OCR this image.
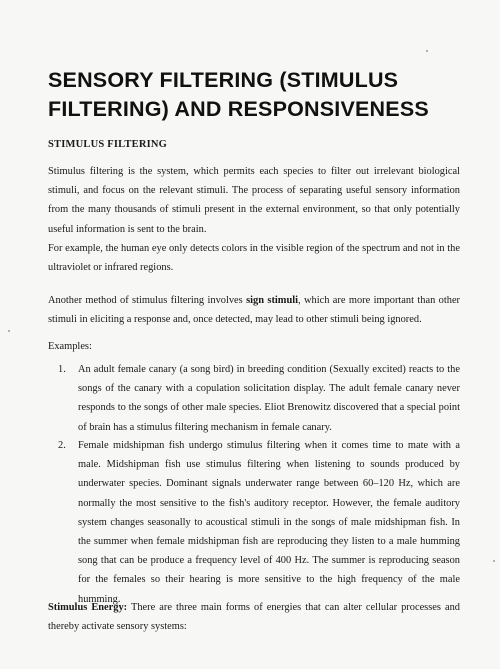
SENSORY FILTERING (STIMULUS FILTERING) AND RESPONSIVENESS
STIMULUS FILTERING
Stimulus filtering is the system, which permits each species to filter out irrelevant biological stimuli, and focus on the relevant stimuli. The process of separating useful sensory information from the many thousands of stimuli present in the external environment, so that only potentially useful information is sent to the brain.
For example, the human eye only detects colors in the visible region of the spectrum and not in the ultraviolet or infrared regions.
Another method of stimulus filtering involves sign stimuli, which are more important than other stimuli in eliciting a response and, once detected, may lead to other stimuli being ignored.
Examples:
1. An adult female canary (a song bird) in breeding condition (Sexually excited) reacts to the songs of the canary with a copulation solicitation display. The adult female canary never responds to the songs of other male species. Eliot Brenowitz discovered that a special point of brain has a stimulus filtering mechanism in female canary.
2. Female midshipman fish undergo stimulus filtering when it comes time to mate with a male. Midshipman fish use stimulus filtering when listening to sounds produced by underwater species. Dominant signals underwater range between 60–120 Hz, which are normally the most sensitive to the fish's auditory receptor. However, the female auditory system changes seasonally to acoustical stimuli in the songs of male midshipman fish. In the summer when female midshipman fish are reproducing they listen to a male humming song that can be produce a frequency level of 400 Hz. The summer is reproducing season for the females so their hearing is more sensitive to the high frequency of the male humming.
Stimulus Energy: There are three main forms of energies that can alter cellular processes and thereby activate sensory systems:
